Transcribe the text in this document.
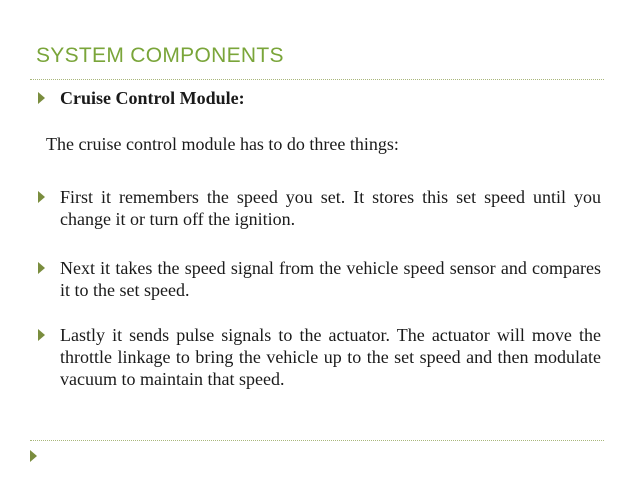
SYSTEM COMPONENTS
Cruise Control Module:
The cruise control module has to do three things:
First it remembers the speed you set. It stores this set speed until you change it or turn off the ignition.
Next it takes the speed signal from the vehicle speed sensor and compares it to the set speed.
Lastly it sends pulse signals to the actuator. The actuator will move the throttle linkage to bring the vehicle up to the set speed and then modulate vacuum to maintain that speed.
